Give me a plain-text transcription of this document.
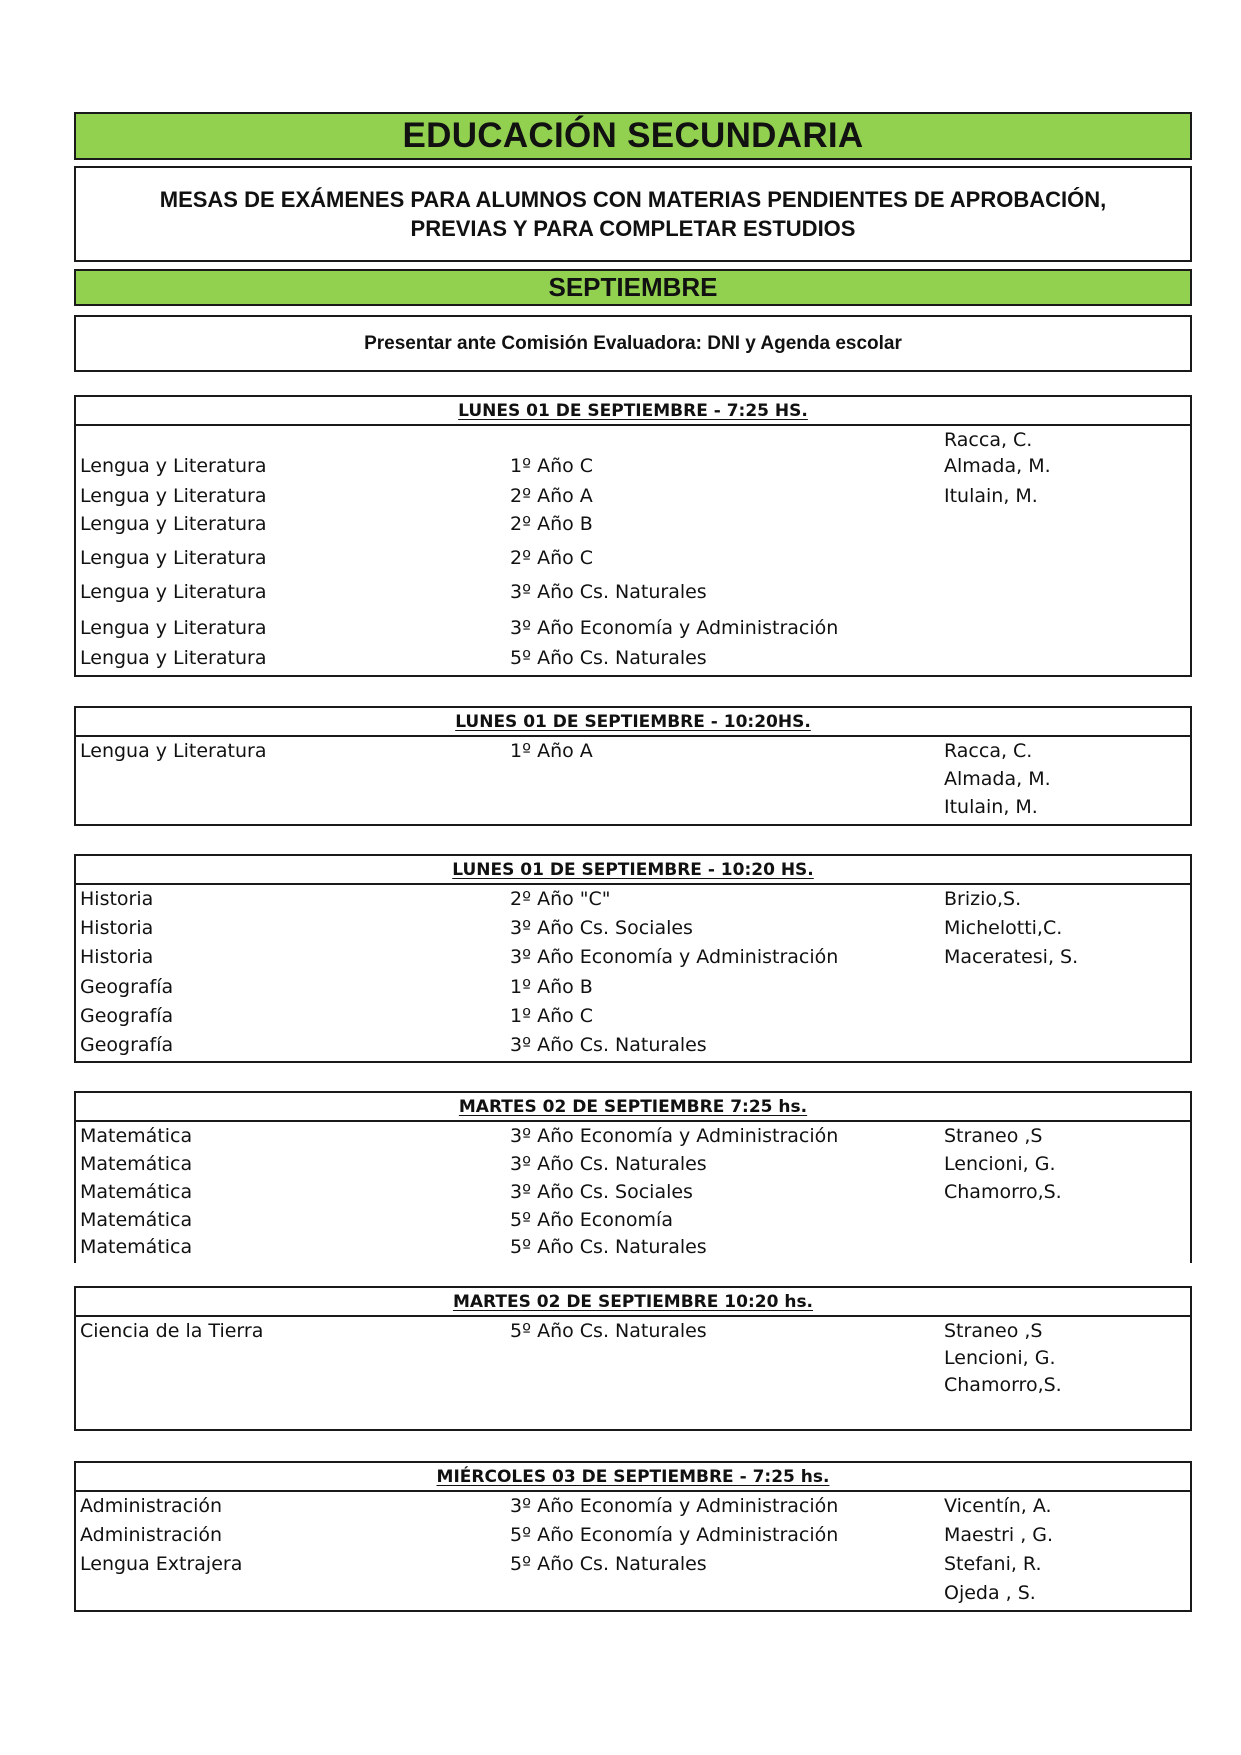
EDUCACIÓN SECUNDARIA
MESAS DE EXÁMENES PARA ALUMNOS CON MATERIAS PENDIENTES DE APROBACIÓN,
PREVIAS Y PARA COMPLETAR ESTUDIOS
SEPTIEMBRE
Presentar ante Comisión Evaluadora: DNI y Agenda escolar
LUNES 01 DE SEPTIEMBRE - 7:25 HS.
Racca, C.
Lengua y Literatura	1º Año C	Almada, M.
Lengua y Literatura	2º Año A	Itulain, M.
Lengua y Literatura	2º Año B
Lengua y Literatura	2º Año C
Lengua y Literatura	3º Año Cs. Naturales
Lengua y Literatura	3º Año Economía y Administración
Lengua y Literatura	5º Año Cs. Naturales
LUNES 01 DE SEPTIEMBRE - 10:20HS.
Lengua y Literatura	1º Año A	Racca, C.
Almada, M.
Itulain, M.
LUNES 01 DE SEPTIEMBRE - 10:20 HS.
Historia	2º Año "C"	Brizio,S.
Historia	3º Año Cs. Sociales	Michelotti,C.
Historia	3º Año Economía y Administración	Maceratesi, S.
Geografía	1º Año B
Geografía	1º Año C
Geografía	3º Año Cs. Naturales
MARTES 02 DE SEPTIEMBRE 7:25 hs.
Matemática	3º Año Economía y Administración	Straneo ,S
Matemática	3º Año Cs. Naturales	Lencioni, G.
Matemática	3º Año Cs. Sociales	Chamorro,S.
Matemática	5º Año Economía
Matemática	5º Año Cs. Naturales
MARTES 02 DE SEPTIEMBRE 10:20 hs.
Ciencia de la Tierra	5º Año Cs. Naturales	Straneo ,S
Lencioni, G.
Chamorro,S.
MIÉRCOLES 03 DE SEPTIEMBRE - 7:25 hs.
Administración	3º Año Economía y Administración	Vicentín, A.
Administración	5º Año Economía y Administración	Maestri , G.
Lengua Extrajera	5º Año Cs. Naturales	Stefani, R.
Ojeda , S.
